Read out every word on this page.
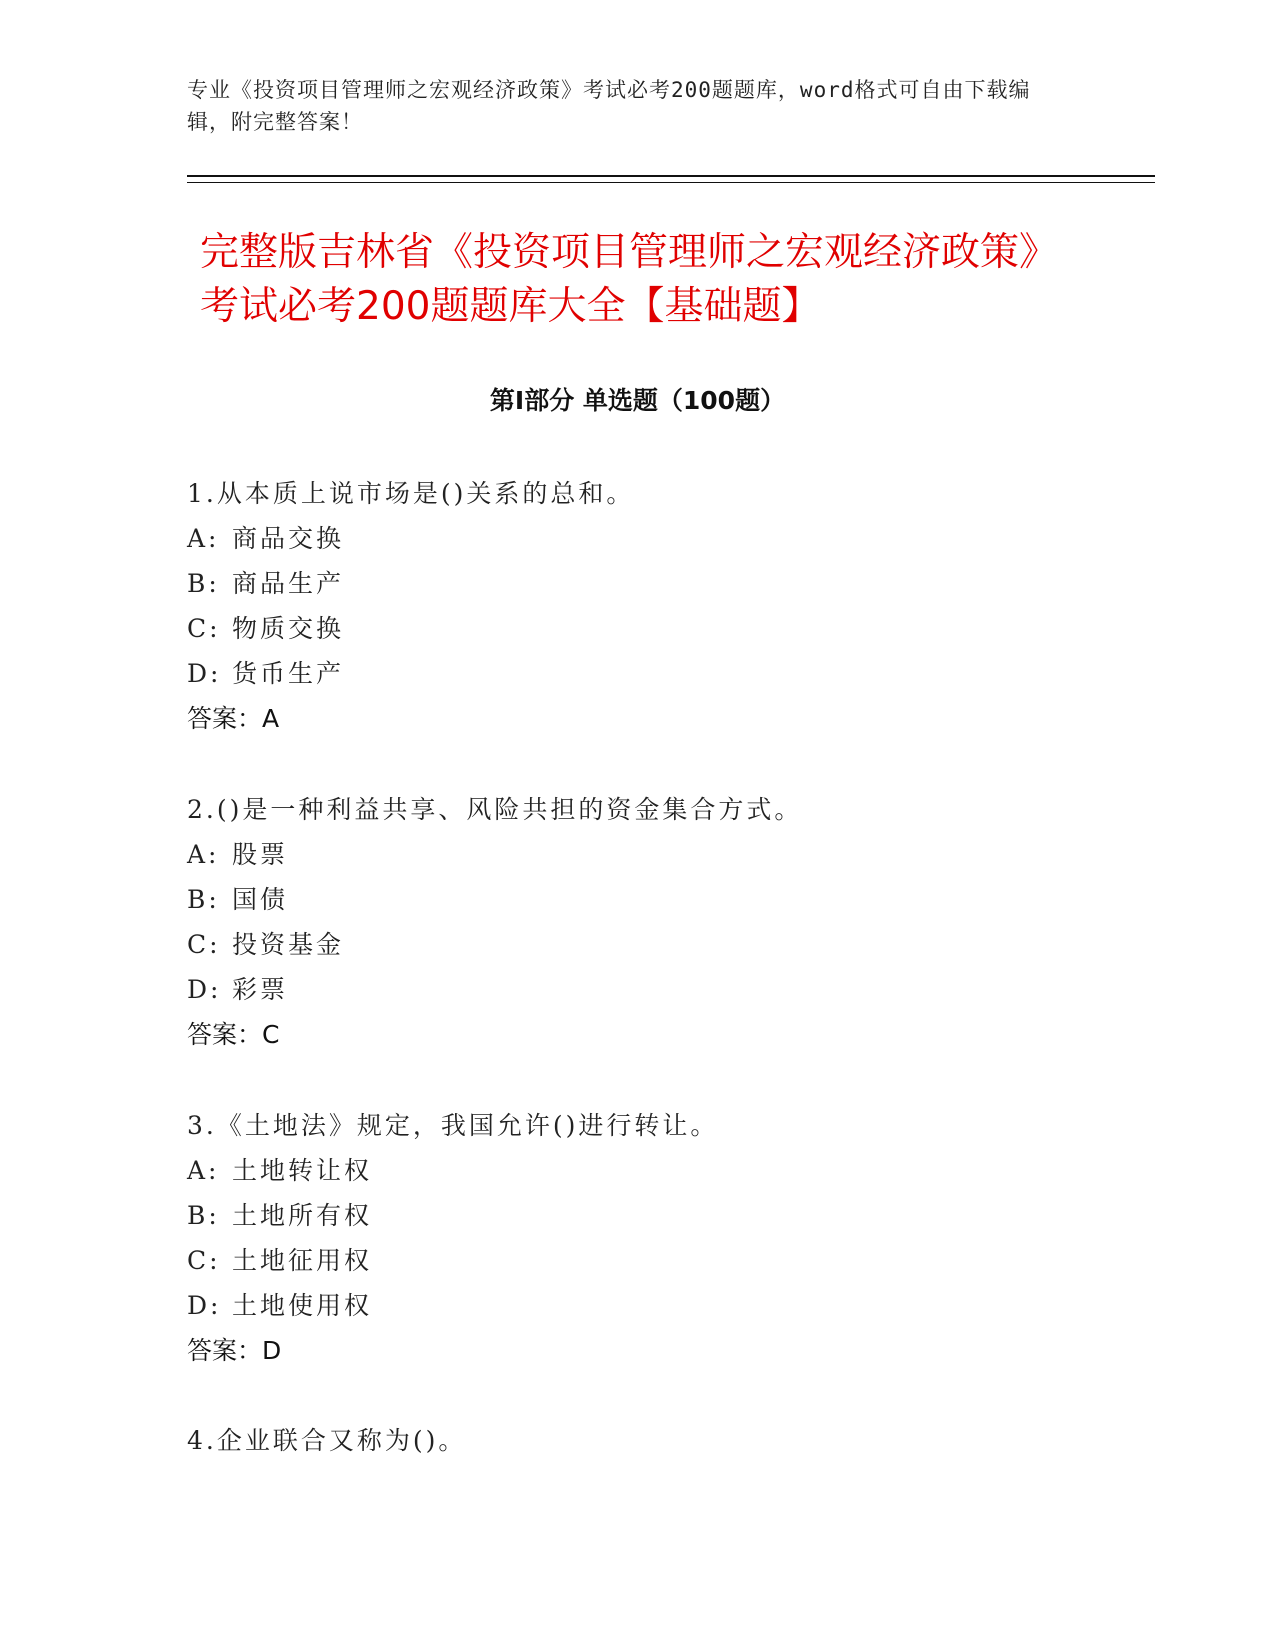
专业《投资项目管理师之宏观经济政策》考试必考200题题库，word格式可自由下载编辑，附完整答案！
完整版吉林省《投资项目管理师之宏观经济政策》考试必考200题题库大全【基础题】
第Ⅰ部分 单选题（100题）

1.从本质上说市场是()关系的总和。

A: 商品交换
B: 商品生产
C: 物质交换
D: 货币生产
答案：A

2.()是一种利益共享、风险共担的资金集合方式。

A: 股票
B: 国债
C: 投资基金
D: 彩票
答案：C

3.《土地法》规定，我国允许()进行转让。

A: 土地转让权
B: 土地所有权
C: 土地征用权
D: 土地使用权
答案：D

4.企业联合又称为()。
